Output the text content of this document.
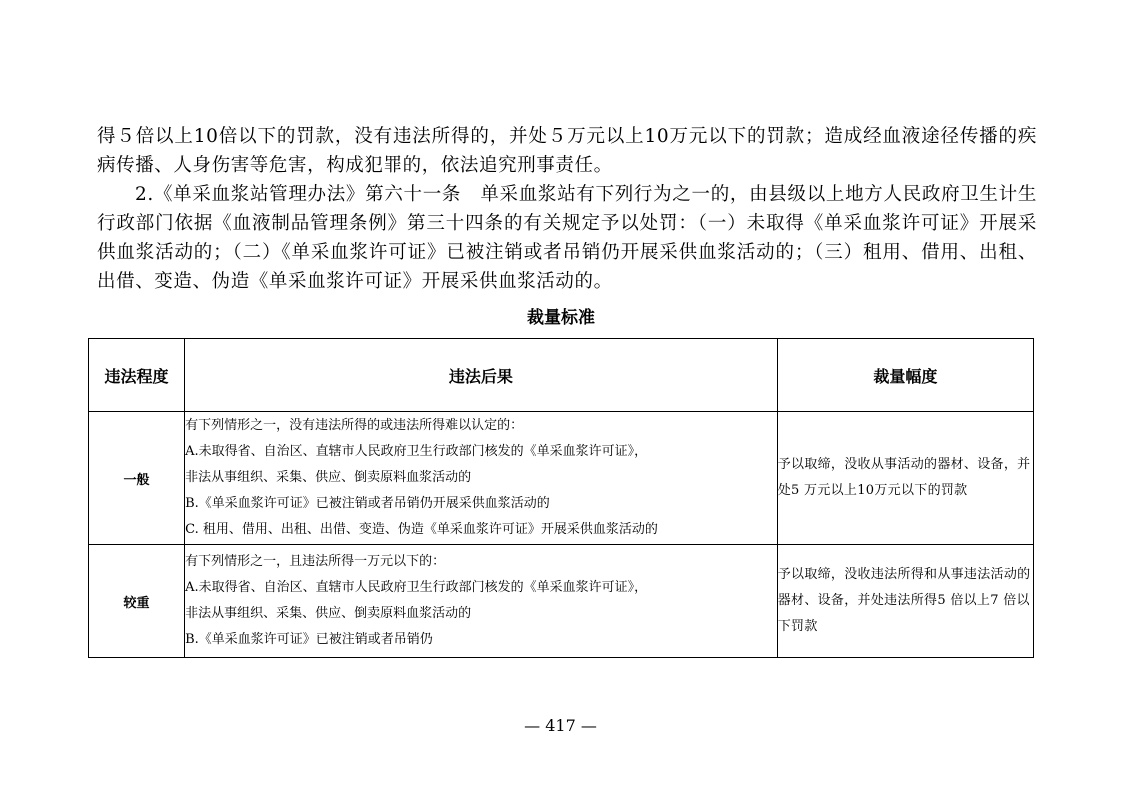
得５倍以上10倍以下的罚款，没有违法所得的，并处５万元以上10万元以下的罚款；造成经血液途径传播的疾病传播、人身伤害等危害，构成犯罪的，依法追究刑事责任。

2.《单采血浆站管理办法》第六十一条　单采血浆站有下列行为之一的，由县级以上地方人民政府卫生计生行政部门依据《血液制品管理条例》第三十四条的有关规定予以处罚：（一）未取得《单采血浆许可证》开展采供血浆活动的；（二）《单采血浆许可证》已被注销或者吊销仍开展采供血浆活动的；（三）租用、借用、出租、出借、变造、伪造《单采血浆许可证》开展采供血浆活动的。

裁量标准
违法程度	违法后果	裁量幅度
一般	有下列情形之一，没有违法所得的或违法所得难以认定的：
A.未取得省、自治区、直辖市人民政府卫生行政部门核发的《单采血浆许可证》，
非法从事组织、采集、供应、倒卖原料血浆活动的
B.《单采血浆许可证》已被注销或者吊销仍开展采供血浆活动的
C. 租用、借用、出租、出借、变造、伪造《单采血浆许可证》开展采供血浆活动的	予以取缔，没收从事活动的器材、设备，并处5 万元以上10万元以下的罚款
较重	有下列情形之一，且违法所得一万元以下的：
A.未取得省、自治区、直辖市人民政府卫生行政部门核发的《单采血浆许可证》，
非法从事组织、采集、供应、倒卖原料血浆活动的
B.《单采血浆许可证》已被注销或者吊销仍	予以取缔，没收违法所得和从事违法活动的器材、设备，并处违法所得5 倍以上7 倍以下罚款
— 417 —
